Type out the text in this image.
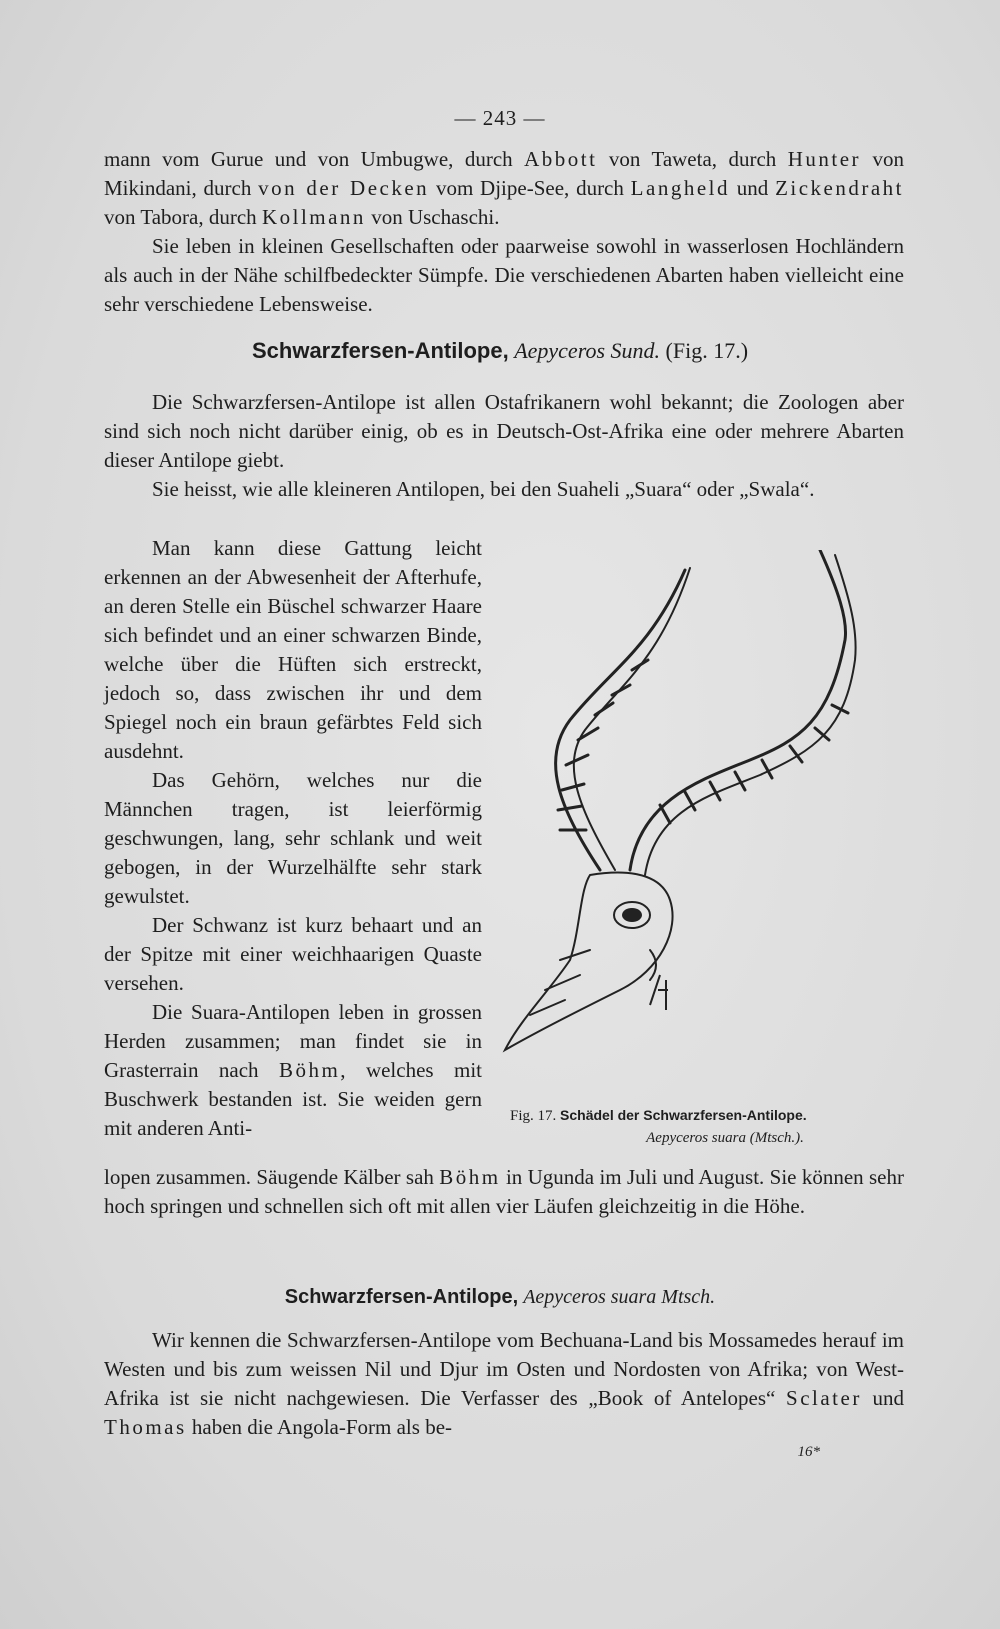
— 243 —

mann vom Gurue und von Umbugwe, durch Abbott von Taweta, durch Hunter von Mikindani, durch von der Decken vom Djipe-See, durch Langheld und Zickendraht von Tabora, durch Kollmann von Uschaschi.

Sie leben in kleinen Gesellschaften oder paarweise sowohl in wasserlosen Hochländern als auch in der Nähe schilfbedeckter Sümpfe. Die verschiedenen Abarten haben vielleicht eine sehr verschiedene Lebensweise.

Schwarzfersen-Antilope, Aepyceros Sund. (Fig. 17.)

Die Schwarzfersen-Antilope ist allen Ostafrikanern wohl bekannt; die Zoologen aber sind sich noch nicht darüber einig, ob es in Deutsch-Ost-Afrika eine oder mehrere Abarten dieser Antilope giebt.

Sie heisst, wie alle kleineren Antilopen, bei den Suaheli „Suara“ oder „Swala“.

Man kann diese Gattung leicht erkennen an der Abwesenheit der Afterhufe, an deren Stelle ein Büschel schwarzer Haare sich befindet und an einer schwarzen Binde, welche über die Hüften sich erstreckt, jedoch so, dass zwischen ihr und dem Spiegel noch ein braun gefärbtes Feld sich ausdehnt.

Das Gehörn, welches nur die Männchen tragen, ist leierförmig geschwungen, lang, sehr schlank und weit gebogen, in der Wurzelhälfte sehr stark gewulstet.

Der Schwanz ist kurz behaart und an der Spitze mit einer weichhaarigen Quaste versehen.

Die Suara-Antilopen leben in grossen Herden zusammen; man findet sie in Grasterrain nach Böhm, welches mit Buschwerk bestanden ist. Sie weiden gern mit anderen Anti-	Fig. 17. Schädel der Schwarzfersen-Antilope.
Aepyceros suara (Mtsch.).

lopen zusammen. Säugende Kälber sah Böhm in Ugunda im Juli und August. Sie können sehr hoch springen und schnellen sich oft mit allen vier Läufen gleichzeitig in die Höhe.

Schwarzfersen-Antilope, Aepyceros suara Mtsch.

Wir kennen die Schwarzfersen-Antilope vom Bechuana-Land bis Mossamedes herauf im Westen und bis zum weissen Nil und Djur im Osten und Nordosten von Afrika; von West-Afrika ist sie nicht nachgewiesen. Die Verfasser des „Book of Antelopes“ Sclater und Thomas haben die Angola-Form als be-

16*
